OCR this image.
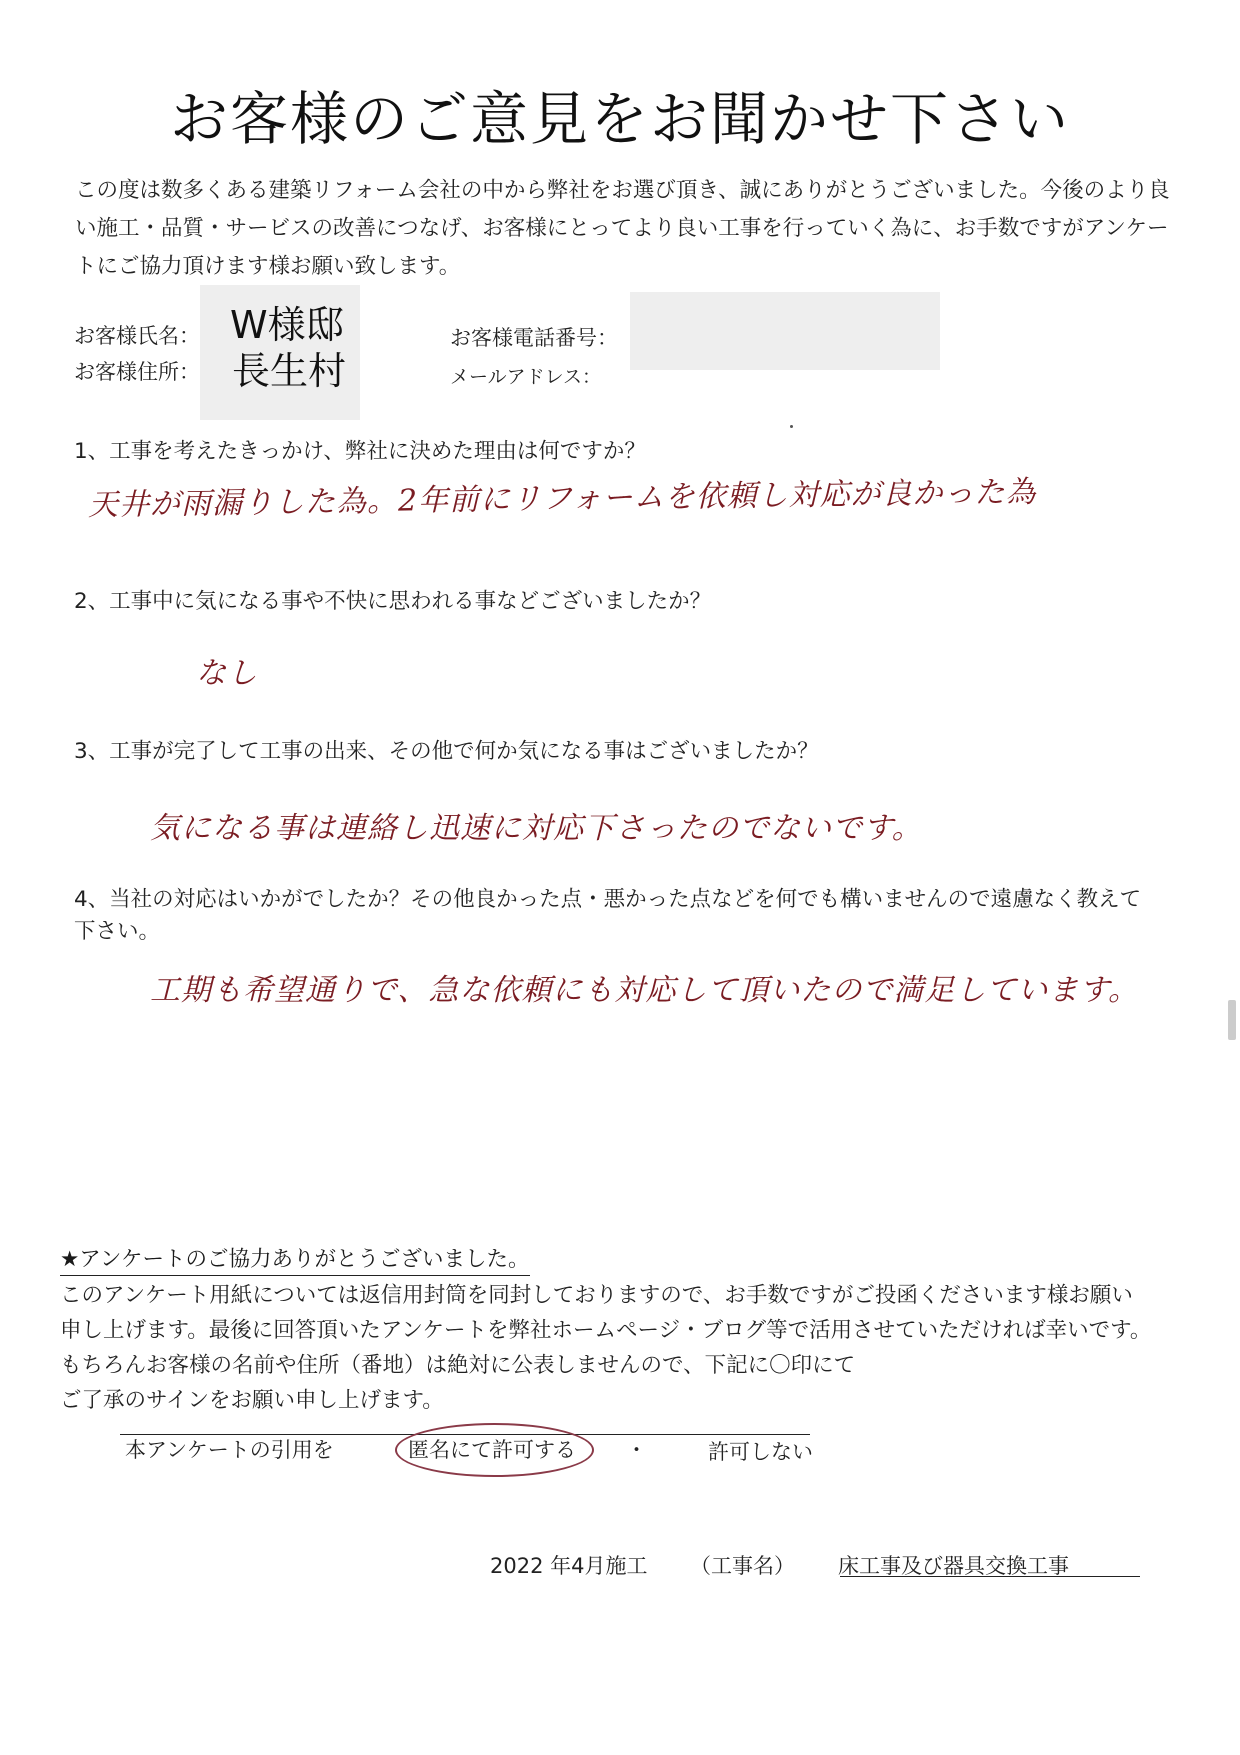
お客様のご意見をお聞かせ下さい
この度は数多くある建築リフォーム会社の中から弊社をお選び頂き、誠にありがとうございました。今後のより良い施工・品質・サービスの改善につなげ、お客様にとってより良い工事を行っていく為に、お手数ですがアンケートにご協力頂けます様お願い致します。
お客様氏名： W様邸
お客様住所： 長生村
お客様電話番号：
メールアドレス：
1、工事を考えたきっかけ、弊社に決めた理由は何ですか？
天井が雨漏りした為。2年前にリフォームを依頼し対応が良かった為
2、工事中に気になる事や不快に思われる事などございましたか？
なし
3、工事が完了して工事の出来、その他で何か気になる事はございましたか？
気になる事は連絡し迅速に対応下さったのでないです。
4、当社の対応はいかがでしたか？その他良かった点・悪かった点などを何でも構いませんので遠慮なく教えて
下さい。
工期も希望通りで、急な依頼にも対応して頂いたので満足しています。
★アンケートのご協力ありがとうございました。
このアンケート用紙については返信用封筒を同封しておりますので、お手数ですがご投函くださいます様お願い
申し上げます。最後に回答頂いたアンケートを弊社ホームページ・ブログ等で活用させていただければ幸いです。
もちろんお客様の名前や住所（番地）は絶対に公表しませんので、下記に〇印にて
ご了承のサインをお願い申し上げます。
本アンケートの引用を	匿名にて許可する ・	許可しない
2022 年4月施工 （工事名） 床工事及び器具交換工事
